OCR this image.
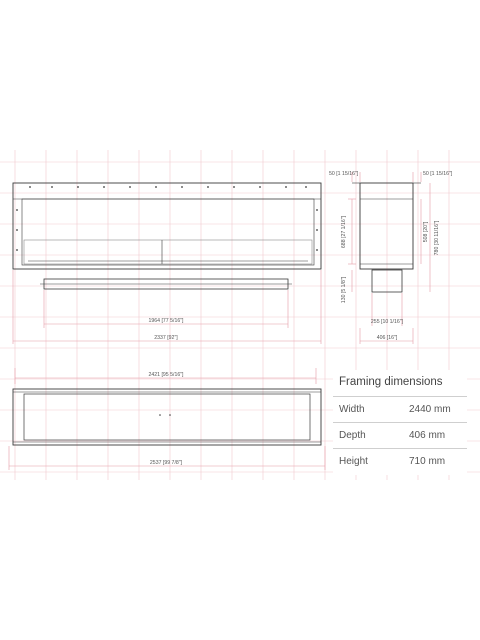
1964 [77 5/16"]
2337 [92"]
50 [1 15/16"]	50 [1 15/16"]
688 [27 1/16"]	508 [20"] 780 [30 11/16"]
130 [5 1/8"]
255 [10 1/16"]
406 [16"]
2421 [95 5/16"]
2537 [99 7/8"]
Framing dimensions
Width	2440 mm
Depth	406 mm
Height	710 mm
